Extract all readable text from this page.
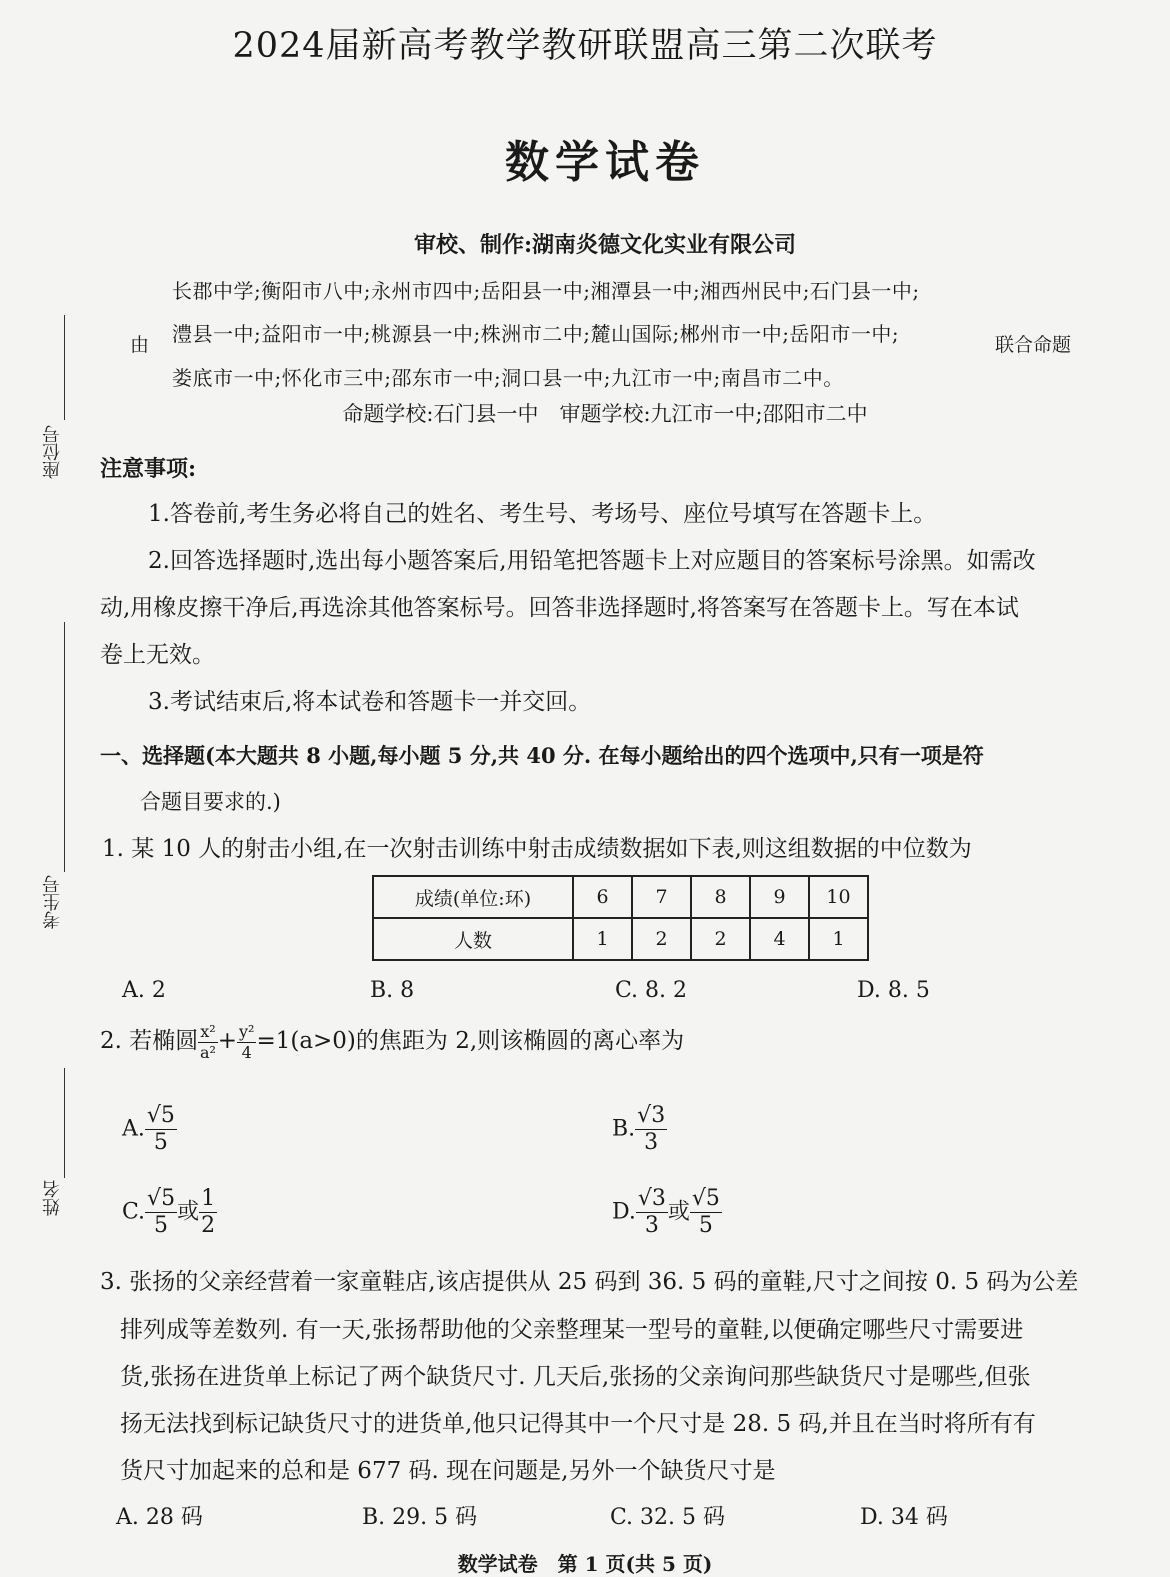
2024届新高考教学教研联盟高三第二次联考
数学试卷
审校、制作:湖南炎德文化实业有限公司
长郡中学;衡阳市八中;永州市四中;岳阳县一中;湘潭县一中;湘西州民中;石门县一中;
澧县一中;益阳市一中;桃源县一中;株洲市二中;麓山国际;郴州市一中;岳阳市一中;
娄底市一中;怀化市三中;邵东市一中;洞口县一中;九江市一中;南昌市二中。
由	联合命题
命题学校:石门县一中　审题学校:九江市一中;邵阳市二中
座位号
考生号
姓名
注意事项:
1.答卷前,考生务必将自己的姓名、考生号、考场号、座位号填写在答题卡上。
2.回答选择题时,选出每小题答案后,用铅笔把答题卡上对应题目的答案标号涂黑。如需改
动,用橡皮擦干净后,再选涂其他答案标号。回答非选择题时,将答案写在答题卡上。写在本试
卷上无效。
3.考试结束后,将本试卷和答题卡一并交回。
一、选择题(本大题共 8 小题,每小题 5 分,共 40 分. 在每小题给出的四个选项中,只有一项是符
合题目要求的.)
1. 某 10 人的射击小组,在一次射击训练中射击成绩数据如下表,则这组数据的中位数为
成绩(单位:环)	6	7	8	9	10
人数	1	2	2	4	1
A. 2	B. 8	C. 8. 2	D. 8. 5
2. 若椭圆 $\frac{\text{x²}}{\text{a²}} + \frac{\text{y²}}{4} =1(a>0)$的焦距为 2,则该椭圆的离心率为
A. $\frac{√5}{5}$	B. $\frac{√3}{3}$
C. $\frac{√5}{5}$ 或 $\frac{1}{2}$	D. $\frac{√3}{3}$ 或 $\frac{√5}{5}$
3. 张扬的父亲经营着一家童鞋店,该店提供从 25 码到 36. 5 码的童鞋,尺寸之间按 0. 5 码为公差
排列成等差数列. 有一天,张扬帮助他的父亲整理某一型号的童鞋,以便确定哪些尺寸需要进
货,张扬在进货单上标记了两个缺货尺寸. 几天后,张扬的父亲询问那些缺货尺寸是哪些,但张
扬无法找到标记缺货尺寸的进货单,他只记得其中一个尺寸是 28. 5 码,并且在当时将所有有
货尺寸加起来的总和是 677 码. 现在问题是,另外一个缺货尺寸是
A. 28 码	B. 29. 5 码	C. 32. 5 码	D. 34 码
数学试卷　第 1 页(共 5 页)
